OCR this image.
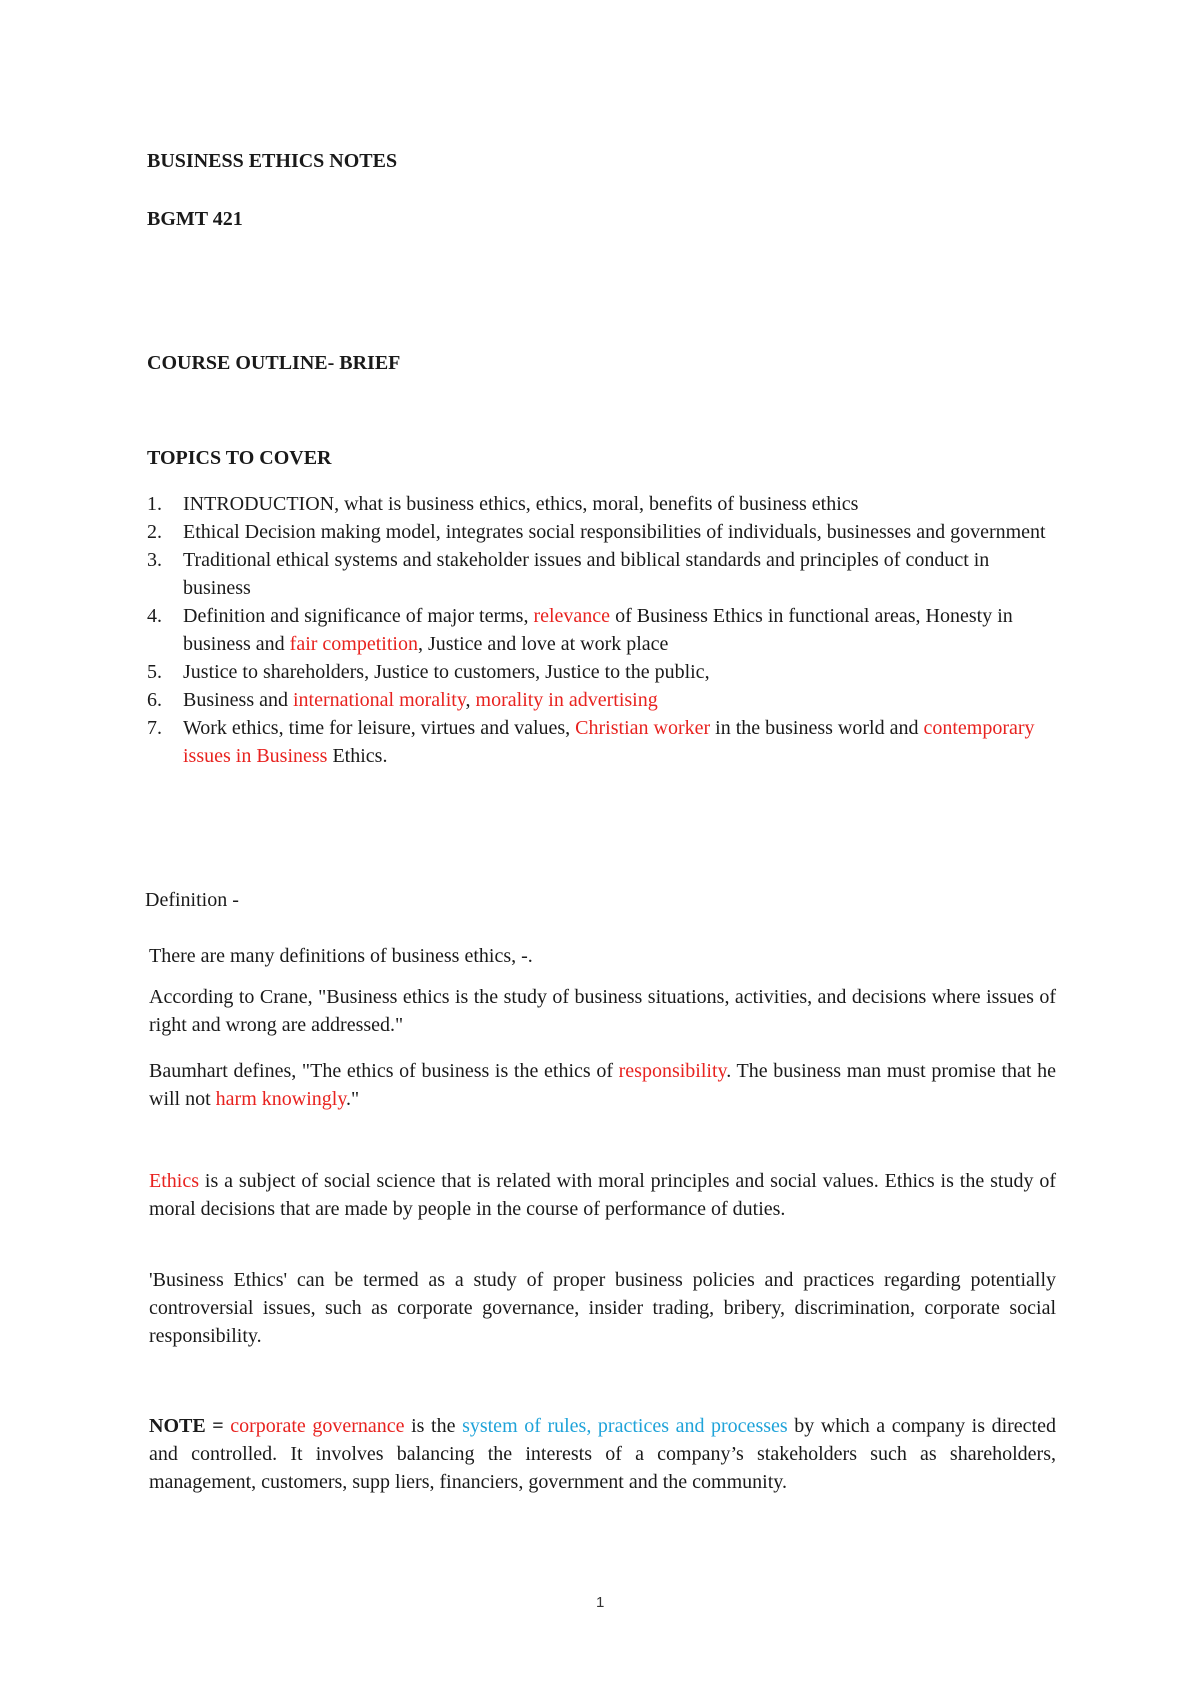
BUSINESS ETHICS NOTES
BGMT 421
COURSE OUTLINE- BRIEF
TOPICS TO COVER
1. INTRODUCTION, what is business ethics, ethics, moral, benefits of business ethics
2. Ethical Decision making model, integrates social responsibilities of individuals, businesses and government
3. Traditional ethical systems and stakeholder issues and biblical standards and principles of conduct in business
4. Definition and significance of major terms, relevance of Business Ethics in functional areas, Honesty in business and fair competition, Justice and love at work place
5. Justice to shareholders, Justice to customers, Justice to the public,
6. Business and international morality, morality in advertising
7. Work ethics, time for leisure, virtues and values, Christian worker in the business world and contemporary issues in Business Ethics.

Definition -

There are many definitions of business ethics, -.

According to Crane, "Business ethics is the study of business situations, activities, and decisions where issues of right and wrong are addressed."

Baumhart defines, "The ethics of business is the ethics of responsibility. The business man must promise that he will not harm knowingly."

Ethics is a subject of social science that is related with moral principles and social values. Ethics is the study of moral decisions that are made by people in the course of performance of duties.

'Business Ethics' can be termed as a study of proper business policies and practices regarding potentially controversial issues, such as corporate governance, insider trading, bribery, discrimination, corporate social responsibility.

NOTE = corporate governance is the system of rules, practices and processes by which a company is directed and controlled. It involves balancing the interests of a company’s stakeholders such as shareholders, management, customers, supp liers, financiers, government and the community.

1
